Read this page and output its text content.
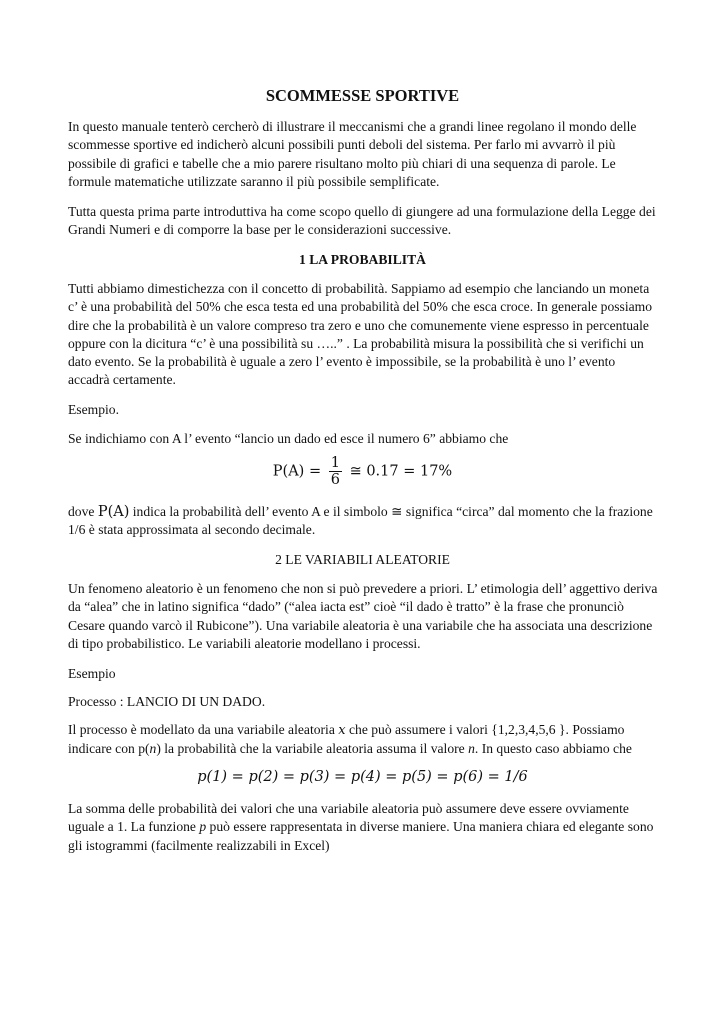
SCOMMESSE SPORTIVE

In questo manuale tenterò cercherò di illustrare il meccanismi che a grandi linee regolano il mondo delle scommesse sportive ed indicherò alcuni possibili punti deboli del sistema. Per farlo mi avvarrò il più possibile di grafici e tabelle che a mio parere risultano molto più chiari di una sequenza di parole. Le formule matematiche utilizzate saranno il più possibile semplificate.

Tutta questa prima parte introduttiva ha come scopo quello di giungere ad una formulazione della Legge dei Grandi Numeri e di comporre la base per le considerazioni successive.

1 LA PROBABILITÀ

Tutti abbiamo dimestichezza con il concetto di probabilità. Sappiamo ad esempio che lanciando un moneta c’ è una probabilità del 50% che esca testa ed una probabilità del 50% che esca croce. In generale possiamo dire che la probabilità è un valore compreso tra zero e uno che comunemente viene espresso in percentuale oppure con la dicitura “c’ è una possibilità su …..” . La probabilità misura la possibilità che si verifichi un dato evento. Se la probabilità è uguale a zero l’ evento è impossibile, se la probabilità è uno l’ evento accadrà certamente.

Esempio.

Se indichiamo con A l’ evento “lancio un dado ed esce il numero 6” abbiamo che

$P(A) = \frac{1}{6}$ ≅ 0.17 = 17%

dove P(A) indica la probabilità dell’ evento A e il simbolo ≅ significa “circa” dal momento che la frazione 1/6 è stata approssimata al secondo decimale.

2 LE VARIABILI ALEATORIE

Un fenomeno aleatorio è un fenomeno che non si può prevedere a priori. L’ etimologia dell’ aggettivo deriva da “alea” che in latino significa “dado” (“alea iacta est” cioè “il dado è tratto” è la frase che pronunciò Cesare quando varcò il Rubicone”). Una variabile aleatoria è una variabile che ha associata una descrizione di tipo probabilistico. Le variabili aleatorie modellano i processi.

Esempio

Processo : LANCIO DI UN DADO.

Il processo è modellato da una variabile aleatoria x che può assumere i valori {1,2,3,4,5,6 }. Possiamo indicare con p(n) la probabilità che la variabile aleatoria assuma il valore n. In questo caso abbiamo che

p(1) = p(2) = p(3) = p(4) = p(5) = p(6) = 1/6

La somma delle probabilità dei valori che una variabile aleatoria può assumere deve essere ovviamente uguale a 1. La funzione p può essere rappresentata in diverse maniere. Una maniera chiara ed elegante sono gli istogrammi (facilmente realizzabili in Excel)
